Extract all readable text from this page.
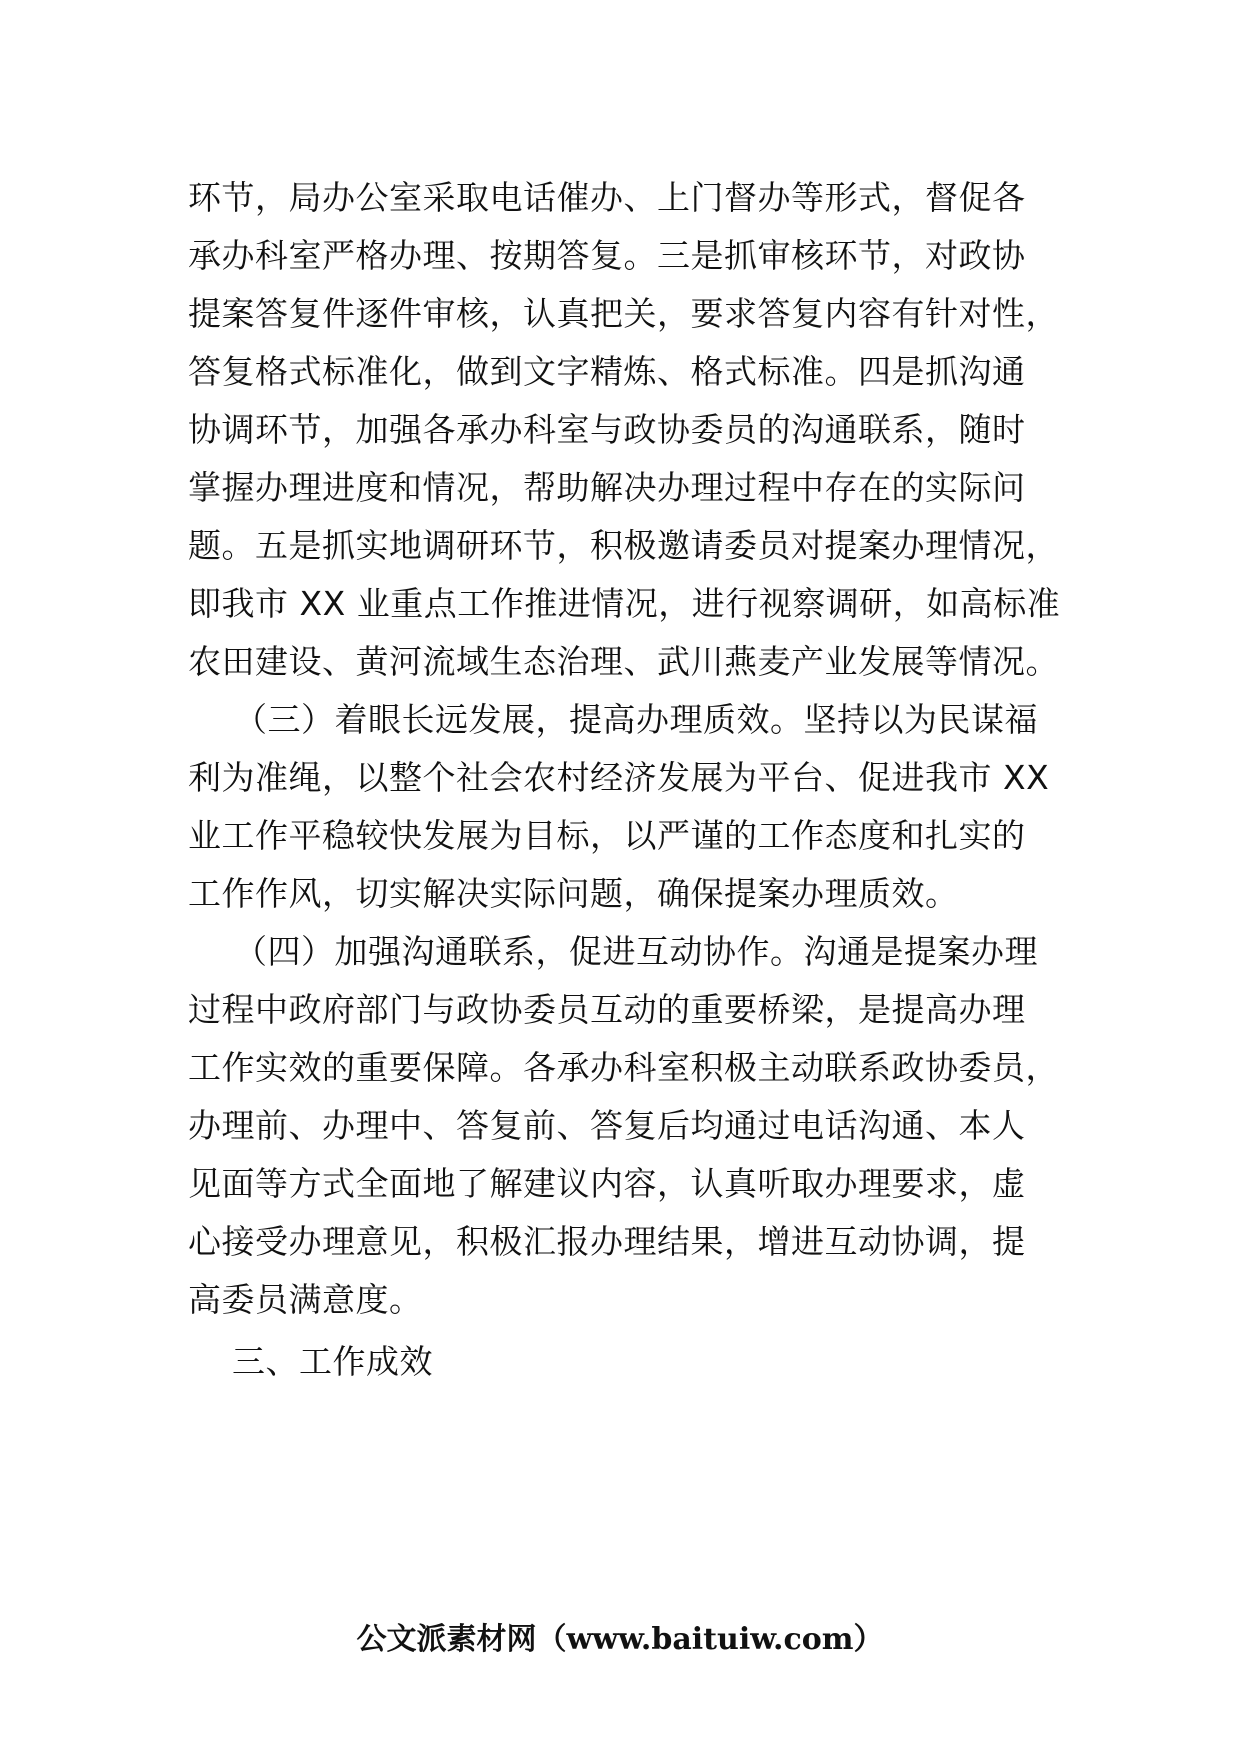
环节，局办公室采取电话催办、上门督办等形式，督促各
承办科室严格办理、按期答复。三是抓审核环节，对政协
提案答复件逐件审核，认真把关，要求答复内容有针对性，
答复格式标准化，做到文字精炼、格式标准。四是抓沟通
协调环节，加强各承办科室与政协委员的沟通联系，随时
掌握办理进度和情况，帮助解决办理过程中存在的实际问
题。五是抓实地调研环节，积极邀请委员对提案办理情况，
即我市 XX 业重点工作推进情况，进行视察调研，如高标准
农田建设、黄河流域生态治理、武川燕麦产业发展等情况。
（三）着眼长远发展，提高办理质效。坚持以为民谋福
利为准绳，以整个社会农村经济发展为平台、促进我市 XX
业工作平稳较快发展为目标，以严谨的工作态度和扎实的
工作作风，切实解决实际问题，确保提案办理质效。
（四）加强沟通联系，促进互动协作。沟通是提案办理
过程中政府部门与政协委员互动的重要桥梁，是提高办理
工作实效的重要保障。各承办科室积极主动联系政协委员，
办理前、办理中、答复前、答复后均通过电话沟通、本人
见面等方式全面地了解建议内容，认真听取办理要求，虚
心接受办理意见，积极汇报办理结果，增进互动协调，提
高委员满意度。
三、工作成效
公文派素材网（www.baituiw.com）
